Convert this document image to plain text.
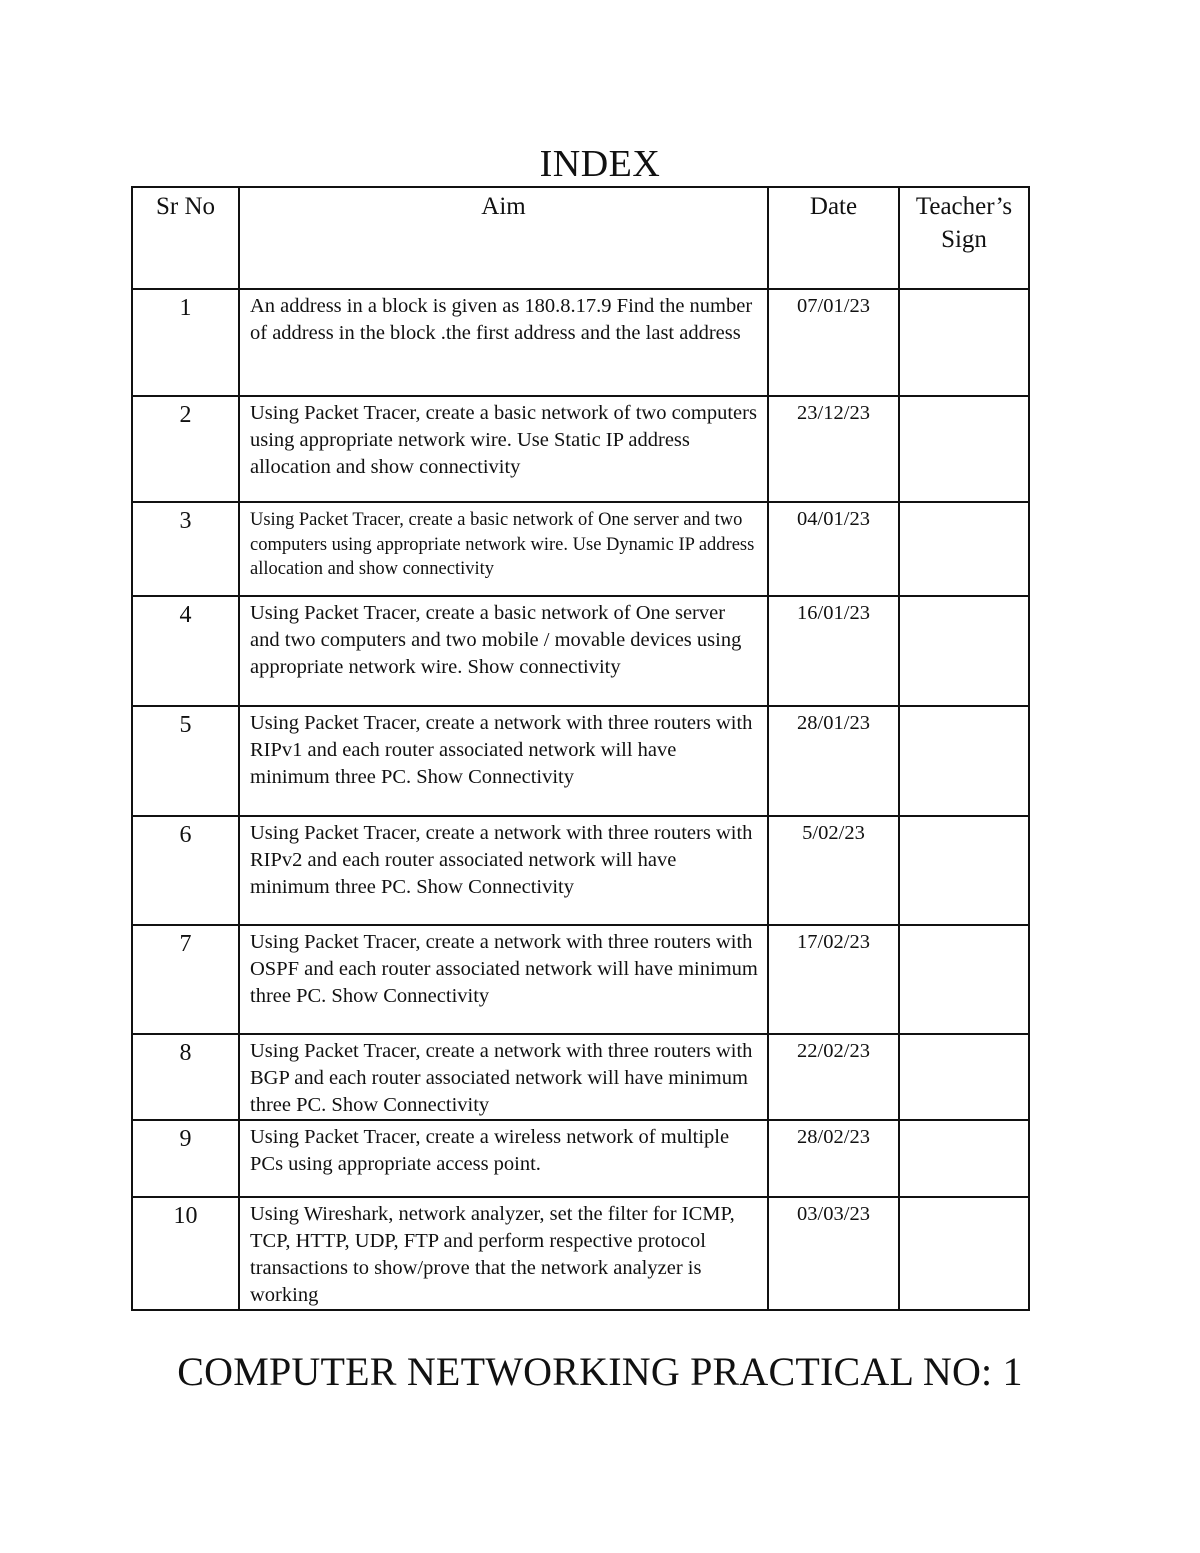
INDEX
Sr No	Aim	Date	Teacher’s Sign
1	An address in a block is given as 180.8.17.9 Find the number of address in the block .the first address and the last address	07/01/23	
2	Using Packet Tracer, create a basic network of two computers using appropriate network wire. Use Static IP address allocation and show connectivity	23/12/23	
3	Using Packet Tracer, create a basic network of One server and two computers using appropriate network wire. Use Dynamic IP address allocation and show connectivity	04/01/23	
4	Using Packet Tracer, create a basic network of One server and two computers and two mobile / movable devices using appropriate network wire. Show connectivity	16/01/23	
5	Using Packet Tracer, create a network with three routers with RIPv1 and each router associated network will have minimum three PC. Show Connectivity	28/01/23	
6	Using Packet Tracer, create a network with three routers with RIPv2 and each router associated network will have minimum three PC. Show Connectivity	5/02/23	
7	Using Packet Tracer, create a network with three routers with OSPF and each router associated network will have minimum three PC. Show Connectivity	17/02/23	
8	Using Packet Tracer, create a network with three routers with BGP and each router associated network will have minimum three PC. Show Connectivity	22/02/23	
9	Using Packet Tracer, create a wireless network of multiple PCs using appropriate access point.	28/02/23	
10	Using Wireshark, network analyzer, set the filter for ICMP, TCP, HTTP, UDP, FTP and perform respective protocol transactions to show/prove that the network analyzer is working	03/03/23	
COMPUTER NETWORKING PRACTICAL NO: 1
